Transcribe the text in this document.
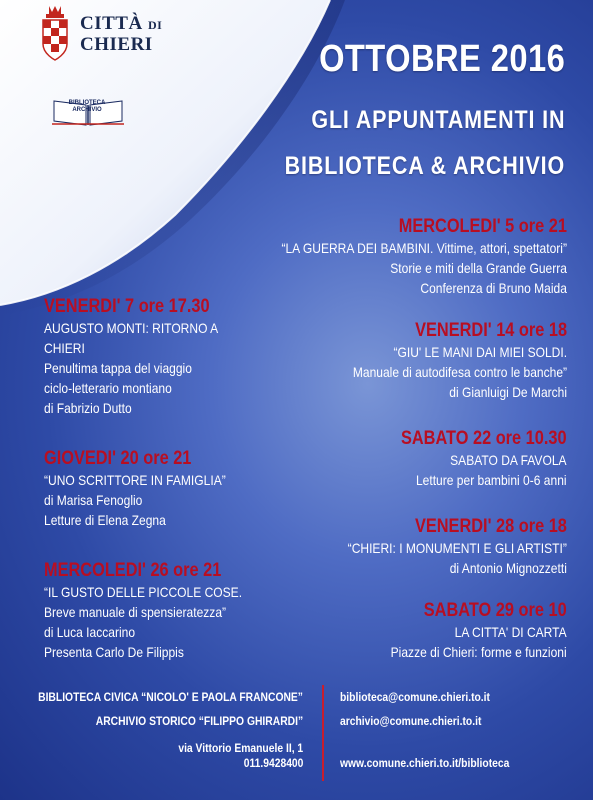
CITTÀ DI
CHIERI
BIBLIOTECA ARCHIVIO
OTTOBRE 2016
GLI APPUNTAMENTI IN
BIBLIOTECA & ARCHIVIO
MERCOLEDI' 5 ore 21
“LA GUERRA DEI BAMBINI. Vittime, attori, spettatori”
Storie e miti della Grande Guerra
Conferenza di Bruno Maida
VENERDI' 14 ore 18
“GIU' LE MANI DAI MIEI SOLDI.
Manuale di autodifesa contro le banche”
di Gianluigi De Marchi
SABATO 22 ore 10.30
SABATO DA FAVOLA
Letture per bambini 0-6 anni
VENERDI' 28 ore 18
“CHIERI: I MONUMENTI E GLI ARTISTI”
di Antonio Mignozzetti
SABATO 29 ore 10
LA CITTA' DI CARTA
Piazze di Chieri: forme e funzioni
VENERDI' 7 ore 17.30
AUGUSTO MONTI: RITORNO A
CHIERI
Penultima tappa del viaggio
ciclo-letterario montiano
di Fabrizio Dutto
GIOVEDI' 20 ore 21
“UNO SCRITTORE IN FAMIGLIA”
di Marisa Fenoglio
Letture di Elena Zegna
MERCOLEDI' 26 ore 21
“IL GUSTO DELLE PICCOLE COSE.
Breve manuale di spensieratezza”
di Luca Iaccarino
Presenta Carlo De Filippis
BIBLIOTECA CIVICA “NICOLO' E PAOLA FRANCONE”
ARCHIVIO STORICO “FILIPPO GHIRARDI”
via Vittorio Emanuele II, 1
011.9428400
biblioteca@comune.chieri.to.it
archivio@comune.chieri.to.it
www.comune.chieri.to.it/biblioteca
